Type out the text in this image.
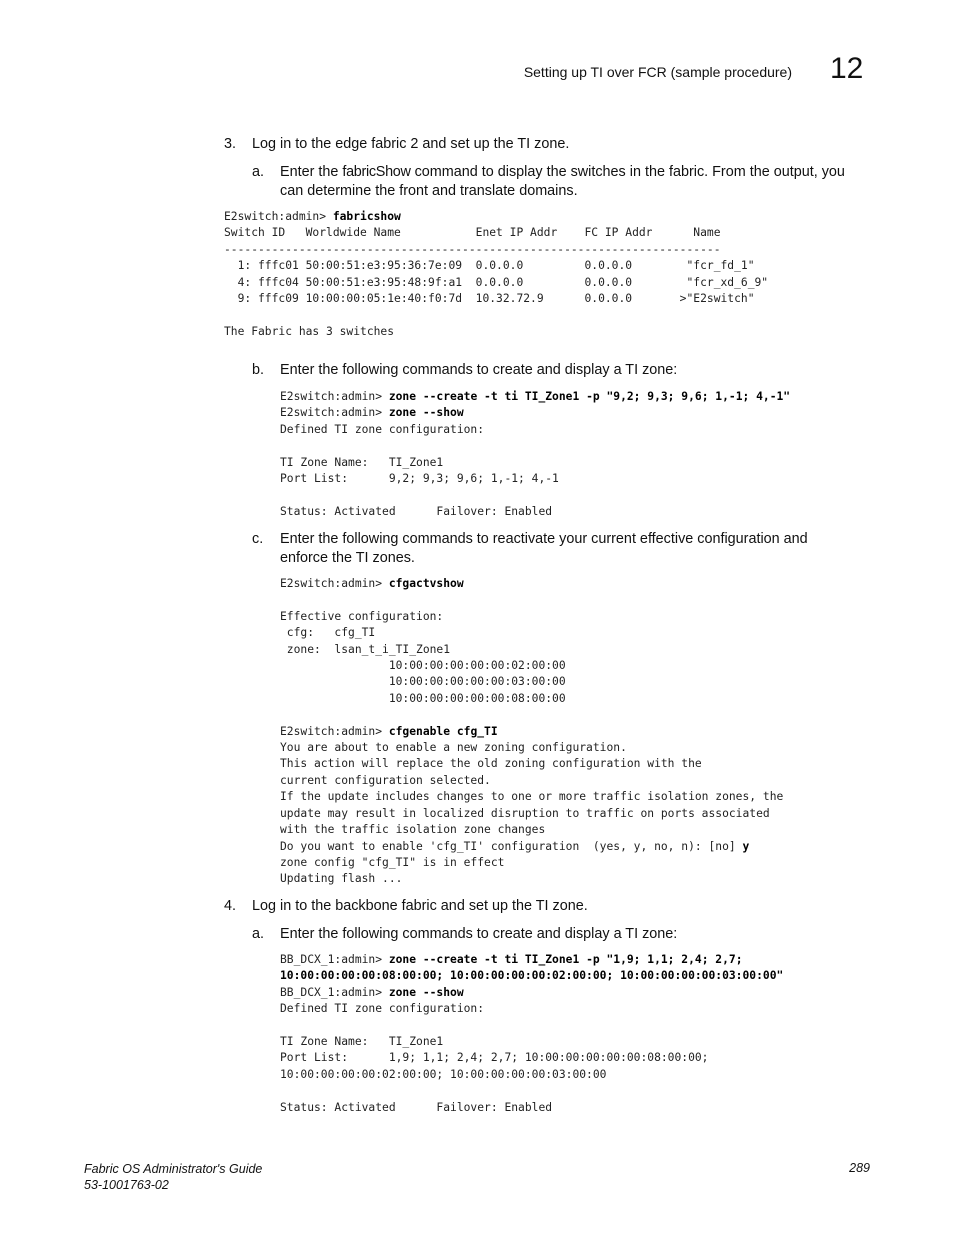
Setting up TI over FCR (sample procedure) 12
3. Log in to the edge fabric 2 and set up the TI zone.
a. Enter the fabricShow command to display the switches in the fabric. From the output, you
can determine the front and translate domains.
E2switch:admin> fabricshow
Switch ID   Worldwide Name           Enet IP Addr    FC IP Addr      Name
-------------------------------------------------------------------------
1: fffc01 50:00:51:e3:95:36:7e:09  0.0.0.0         0.0.0.0        "fcr_fd_1"
4: fffc04 50:00:51:e3:95:48:9f:a1  0.0.0.0         0.0.0.0        "fcr_xd_6_9"
9: fffc09 10:00:00:05:1e:40:f0:7d  10.32.72.9      0.0.0.0       >"E2switch"

The Fabric has 3 switches
b. Enter the following commands to create and display a TI zone:
E2switch:admin> zone --create -t ti TI_Zone1 -p "9,2; 9,3; 9,6; 1,-1; 4,-1"
E2switch:admin> zone --show
Defined TI zone configuration:

TI Zone Name:   TI_Zone1
Port List:      9,2; 9,3; 9,6; 1,-1; 4,-1

Status: Activated      Failover: Enabled
c. Enter the following commands to reactivate your current effective configuration and
enforce the TI zones.
E2switch:admin> cfgactvshow

Effective configuration:
cfg:   cfg_TI
zone:  lsan_t_i_TI_Zone1
10:00:00:00:00:00:02:00:00
10:00:00:00:00:00:03:00:00
10:00:00:00:00:00:08:00:00

E2switch:admin> cfgenable cfg_TI
You are about to enable a new zoning configuration.
This action will replace the old zoning configuration with the
current configuration selected.
If the update includes changes to one or more traffic isolation zones, the
update may result in localized disruption to traffic on ports associated
with the traffic isolation zone changes
Do you want to enable 'cfg_TI' configuration  (yes, y, no, n): [no] y
zone config "cfg_TI" is in effect
Updating flash ...
4. Log in to the backbone fabric and set up the TI zone.
a. Enter the following commands to create and display a TI zone:
BB_DCX_1:admin> zone --create -t ti TI_Zone1 -p "1,9; 1,1; 2,4; 2,7;
10:00:00:00:00:08:00:00; 10:00:00:00:00:02:00:00; 10:00:00:00:00:03:00:00"
BB_DCX_1:admin> zone --show
Defined TI zone configuration:

TI Zone Name:   TI_Zone1
Port List:      1,9; 1,1; 2,4; 2,7; 10:00:00:00:00:00:08:00:00;
10:00:00:00:00:02:00:00; 10:00:00:00:00:03:00:00

Status: Activated      Failover: Enabled
Fabric OS Administrator's Guide
53-1001763-02
289
